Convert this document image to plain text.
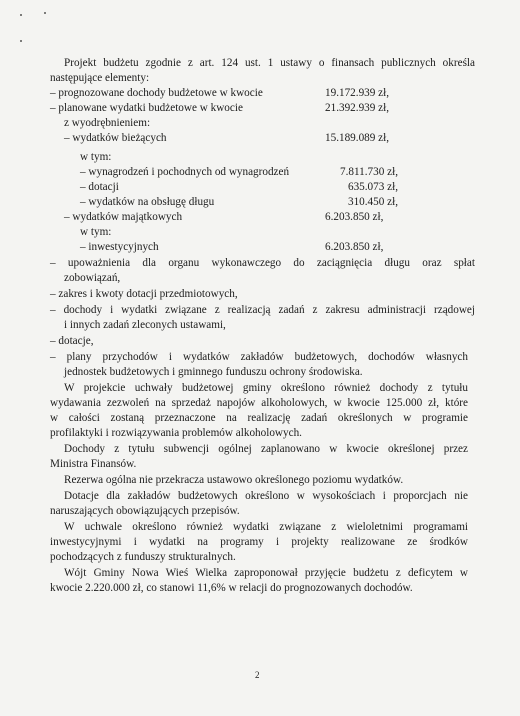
Projekt budżetu zgodnie z art. 124 ust. 1 ustawy o finansach publicznych określa
następujące elementy:
– prognozowane dochody budżetowe w kwocie
– planowane wydatki budżetowe w kwocie
z wyodrębnieniem:
– wydatków bieżących
w tym:
– wynagrodzeń i pochodnych od wynagrodzeń
– dotacji
– wydatków na obsługę długu
– wydatków majątkowych
w tym:
– inwestycyjnych
– upoważnienia dla organu wykonawczego do zaciągnięcia długu oraz spłat
zobowiązań,
– zakres i kwoty dotacji przedmiotowych,
– dochody i wydatki związane z realizacją zadań z zakresu administracji rządowej
i innych zadań zleconych ustawami,
– dotacje,
– plany przychodów i wydatków zakładów budżetowych, dochodów własnych
jednostek budżetowych i gminnego funduszu ochrony środowiska.
W projekcie uchwały budżetowej gminy określono również dochody z tytułu
wydawania zezwoleń na sprzedaż napojów alkoholowych, w kwocie 125.000 zł, które
w całości zostaną przeznaczone na realizację zadań określonych w programie
profilaktyki i rozwiązywania problemów alkoholowych.
Dochody z tytułu subwencji ogólnej zaplanowano w kwocie określonej przez
Ministra Finansów.
Rezerwa ogólna nie przekracza ustawowo określonego poziomu wydatków.
Dotacje dla zakładów budżetowych określono w wysokościach i proporcjach nie
naruszających obowiązujących przepisów.
W uchwale określono również wydatki związane z wieloletnimi programami
inwestycyjnymi i wydatki na programy i projekty realizowane ze środków
pochodzących z funduszy strukturalnych.
Wójt Gminy Nowa Wieś Wielka zaproponował przyjęcie budżetu z deficytem w
kwocie 2.220.000 zł, co stanowi 11,6% w relacji do prognozowanych dochodów.
19.172.939 zł,
21.392.939 zł,
15.189.089 zł,
7.811.730 zł,
635.073 zł,
310.450 zł,
6.203.850 zł,
6.203.850 zł,
2
